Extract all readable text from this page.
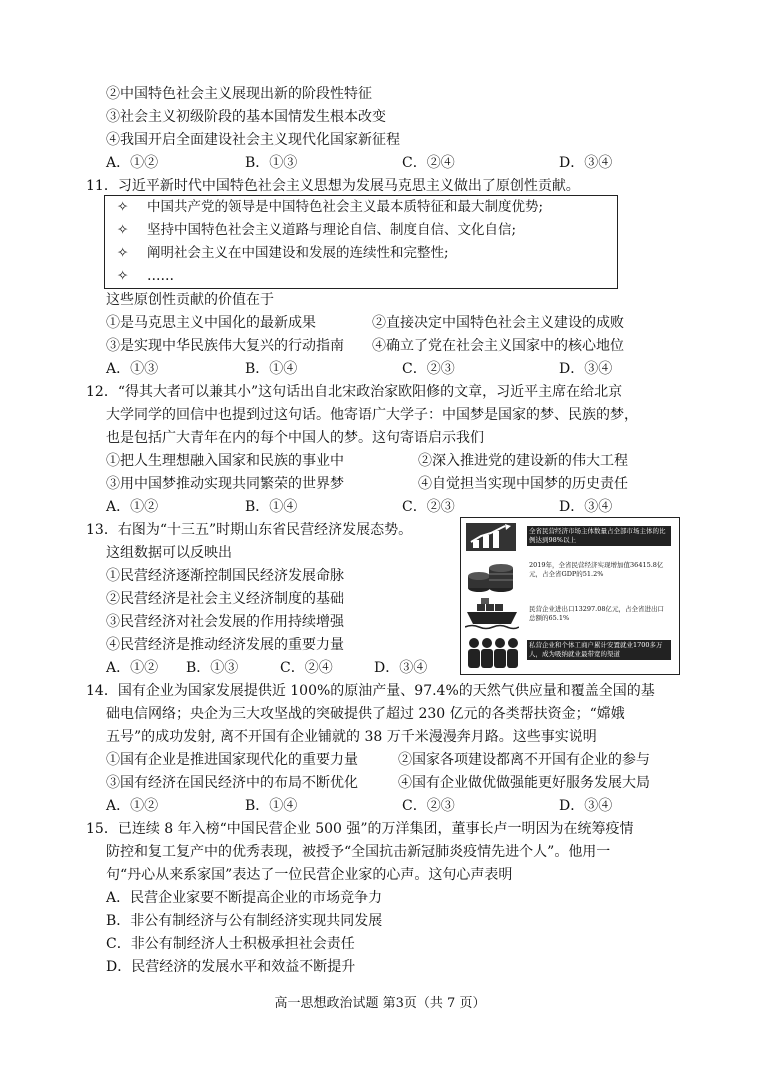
②中国特色社会主义展现出新的阶段性特征
③社会主义初级阶段的基本国情发生根本改变
④我国开启全面建设社会主义现代化国家新征程
A．①②	B．①③	C．②④	D．③④
11．习近平新时代中国特色社会主义思想为发展马克思主义做出了原创性贡献。
✧ 中国共产党的领导是中国特色社会主义最本质特征和最大制度优势;
✧ 坚持中国特色社会主义道路与理论自信、制度自信、文化自信;
✧ 阐明社会主义在中国建设和发展的连续性和完整性;
✧ ……
这些原创性贡献的价值在于
①是马克思主义中国化的最新成果	②直接决定中国特色社会主义建设的成败
③是实现中华民族伟大复兴的行动指南 ④确立了党在社会主义国家中的核心地位
A．①③	B．①④	C．②③	D．③④
12．“得其大者可以兼其小”这句话出自北宋政治家欧阳修的文章，习近平主席在给北京
大学同学的回信中也提到过这句话。他寄语广大学子：中国梦是国家的梦、民族的梦，
也是包括广大青年在内的每个中国人的梦。这句寄语启示我们
①把人生理想融入国家和民族的事业中	②深入推进党的建设新的伟大工程
③用中国梦推动实现共同繁荣的世界梦	④自觉担当实现中国梦的历史责任
A．①②	B．①④	C．②③	D．③④
13．右图为“十三五”时期山东省民营经济发展态势。
这组数据可以反映出
①民营经济逐渐控制国民经济发展命脉
②民营经济是社会主义经济制度的基础
③民营经济对社会发展的作用持续增强
④民营经济是推动经济发展的重要力量
A．①② B．①③	C．②④	D．③④
全省民营经济市场主体数量占全部市场主体的比例达到98%以上
2019年，全省民营经济实现增加值36415.8亿元，占全省GDP的51.2%
民营企业进出口13297.08亿元，占全省进出口总额的65.1%
私营企业和个体工商户累计安置就业1700多万人，成为吸纳就业最带宽的渠道
14．国有企业为国家发展提供近 100%的原油产量、97.4%的天然气供应量和覆盖全国的基
础电信网络；央企为三大攻坚战的突破提供了超过 230 亿元的各类帮扶资金；“嫦娥
五号”的成功发射, 离不开国有企业铺就的 38 万千米漫漫奔月路。这些事实说明
①国有企业是推进国家现代化的重要力量	②国家各项建设都离不开国有企业的参与
③国有经济在国民经济中的布局不断优化	④国有企业做优做强能更好服务发展大局
A．①②	B．①④	C．②③	D．③④
15．已连续 8 年入榜“中国民营企业 500 强”的万洋集团，董事长卢一明因为在统筹疫情
防控和复工复产中的优秀表现，被授予“全国抗击新冠肺炎疫情先进个人”。他用一
句“丹心从来系家国”表达了一位民营企业家的心声。这句心声表明
A．民营企业家要不断提高企业的市场竞争力
B．非公有制经济与公有制经济实现共同发展
C．非公有制经济人士积极承担社会责任
D．民营经济的发展水平和效益不断提升
高一思想政治试题 第3页（共 7 页）
